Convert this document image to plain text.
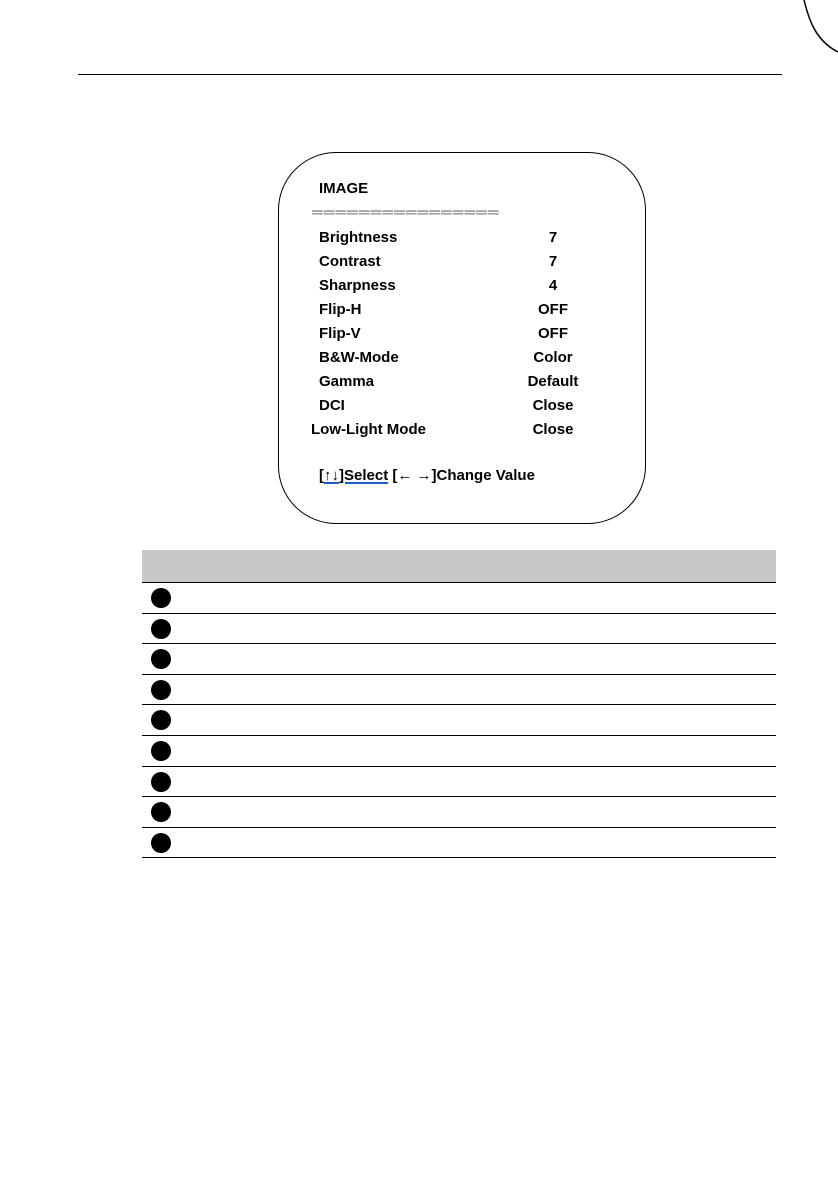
IMAGE
════════════════
Brightness	7
Contrast	7
Sharpness	4
Flip-H	OFF
Flip-V	OFF
B&W-Mode	Color
Gamma	Default
DCI	Close
Low-Light Mode	Close
[↑↓]Select [← →]Change Value
